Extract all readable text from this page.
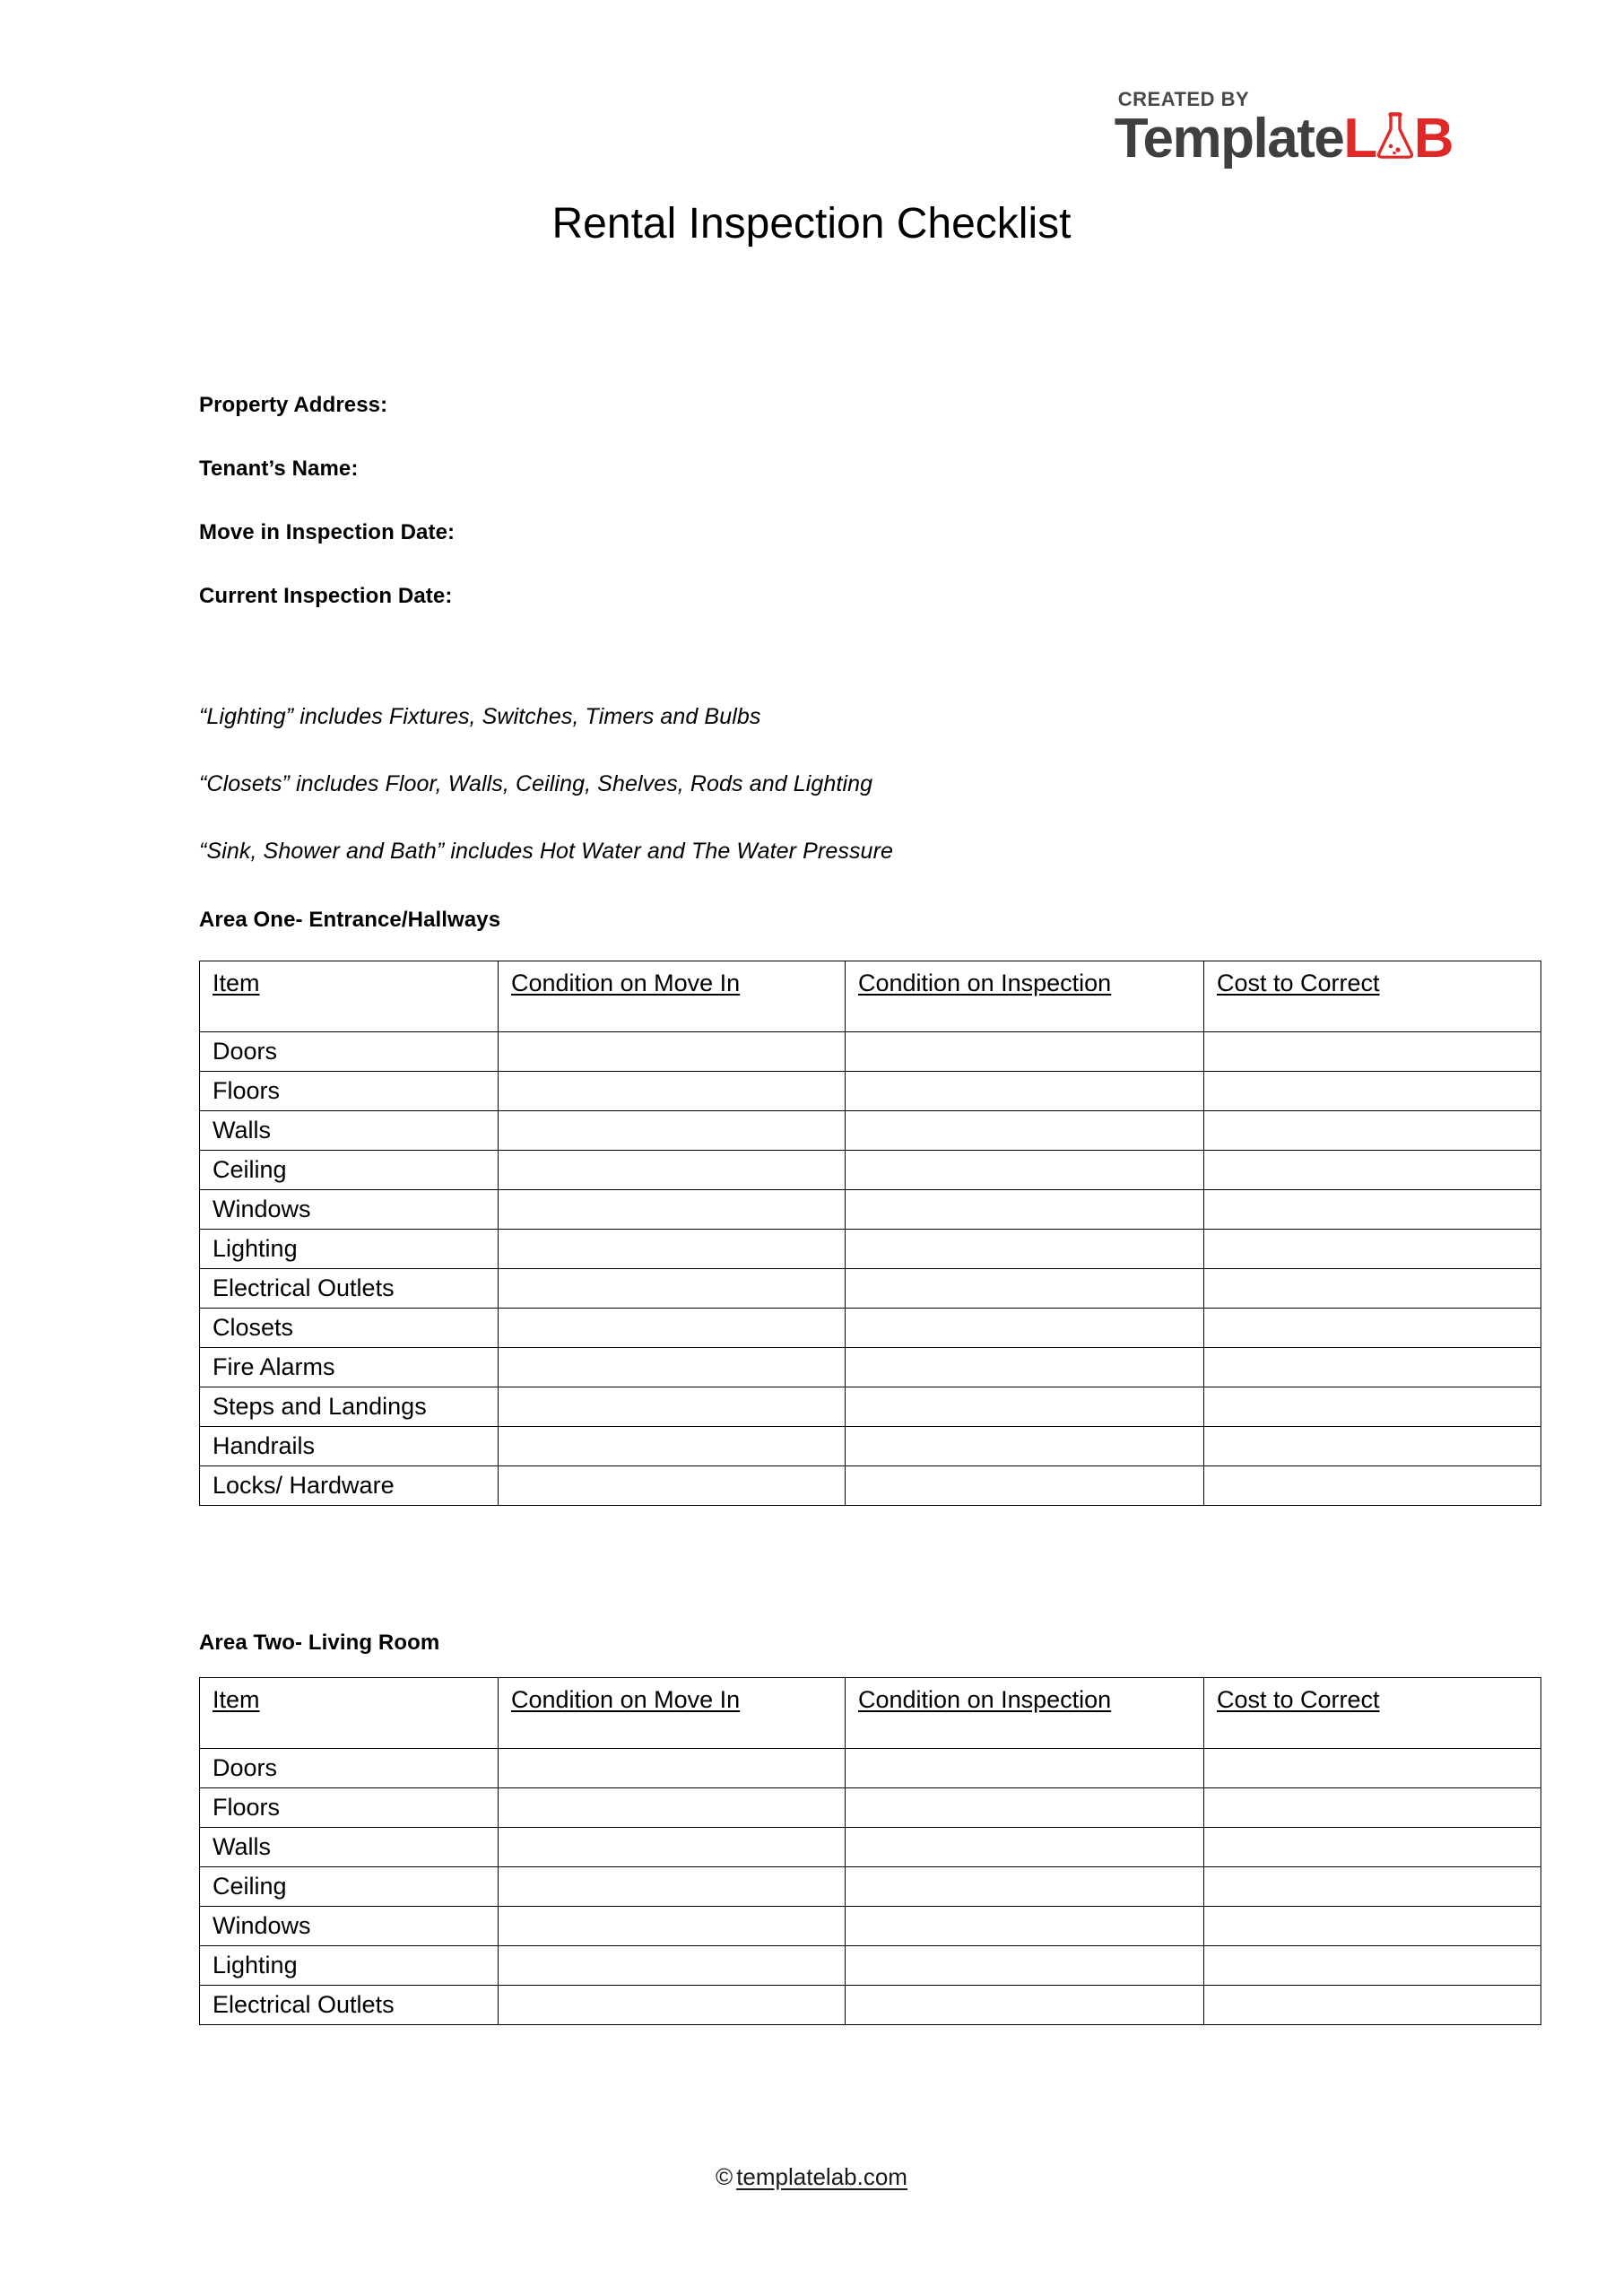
CREATED BY
Template L B
Rental Inspection Checklist
Property Address:
Tenant’s Name:
Move in Inspection Date:
Current Inspection Date:
“Lighting” includes Fixtures, Switches, Timers and Bulbs
“Closets” includes Floor, Walls, Ceiling, Shelves, Rods and Lighting
“Sink, Shower and Bath” includes Hot Water and The Water Pressure
Area One- Entrance/Hallways
Item	Condition on Move In	Condition on Inspection	Cost to Correct
Doors			
Floors			
Walls			
Ceiling			
Windows			
Lighting			
Electrical Outlets			
Closets			
Fire Alarms			
Steps and Landings			
Handrails			
Locks/ Hardware			
Area Two- Living Room
Item	Condition on Move In	Condition on Inspection	Cost to Correct
Doors			
Floors			
Walls			
Ceiling			
Windows			
Lighting			
Electrical Outlets			
© templatelab.com
